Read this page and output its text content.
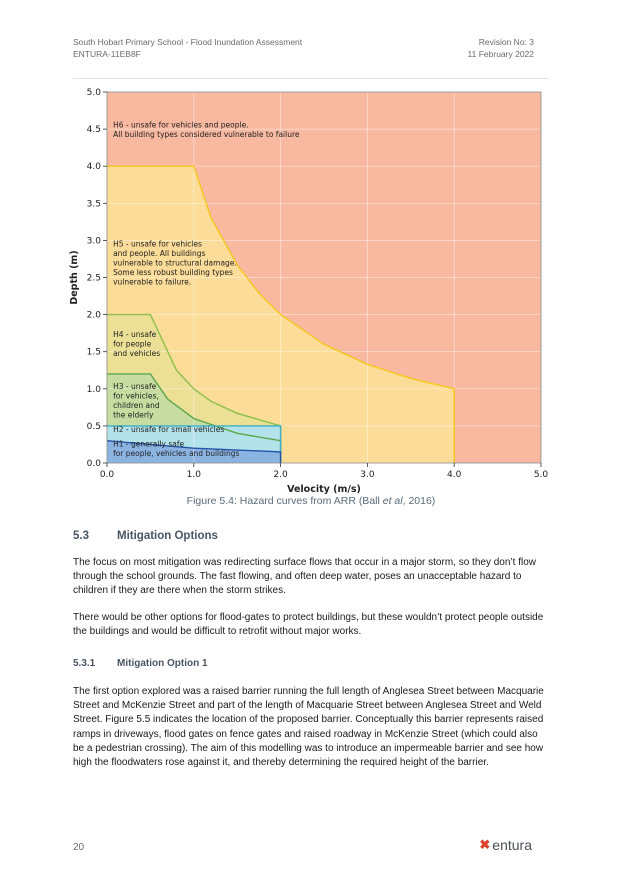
South Hobart Primary School - Flood Inundation Assessment
ENTURA-11EB8F
Revision No: 3
11 February 2022
0.0	1.0	2.0	3.0	4.0	5.0
0.0
0.5
1.0
1.5
2.0
2.5
3.0
3.5
4.0
4.5
5.0
Velocity (m/s)
Depth (m)
H6 - unsafe for vehicles and people. All building types considered vulnerable to failure
H5 - unsafe for vehicles and people. All buildings vulnerable to structural damage. Some less robust building types vulnerable to failure.
H4 - unsafe for people and vehicles
H3 - unsafe for vehicles, children and the elderly
H2 - unsafe for small vehicles
H1 - generally safe for people, vehicles and buildings
Figure 5.4: Hazard curves from ARR (Ball et al, 2016)
5.3 Mitigation Options
The focus on most mitigation was redirecting surface flows that occur in a major storm, so they don’t flow through the school grounds. The fast flowing, and often deep water, poses an unacceptable hazard to children if they are there when the storm strikes.
There would be other options for flood-gates to protect buildings, but these wouldn’t protect people outside the buildings and would be difficult to retrofit without major works.
5.3.1 Mitigation Option 1
The first option explored was a raised barrier running the full length of Anglesea Street between Macquarie Street and McKenzie Street and part of the length of Macquarie Street between Anglesea Street and Weld Street. Figure 5.5 indicates the location of the proposed barrier. Conceptually this barrier represents raised ramps in driveways, flood gates on fence gates and raised roadway in McKenzie Street (which could also be a pedestrian crossing). The aim of this modelling was to introduce an impermeable barrier and see how high the floodwaters rose against it, and thereby determining the required height of the barrier.
20	✖ entura
